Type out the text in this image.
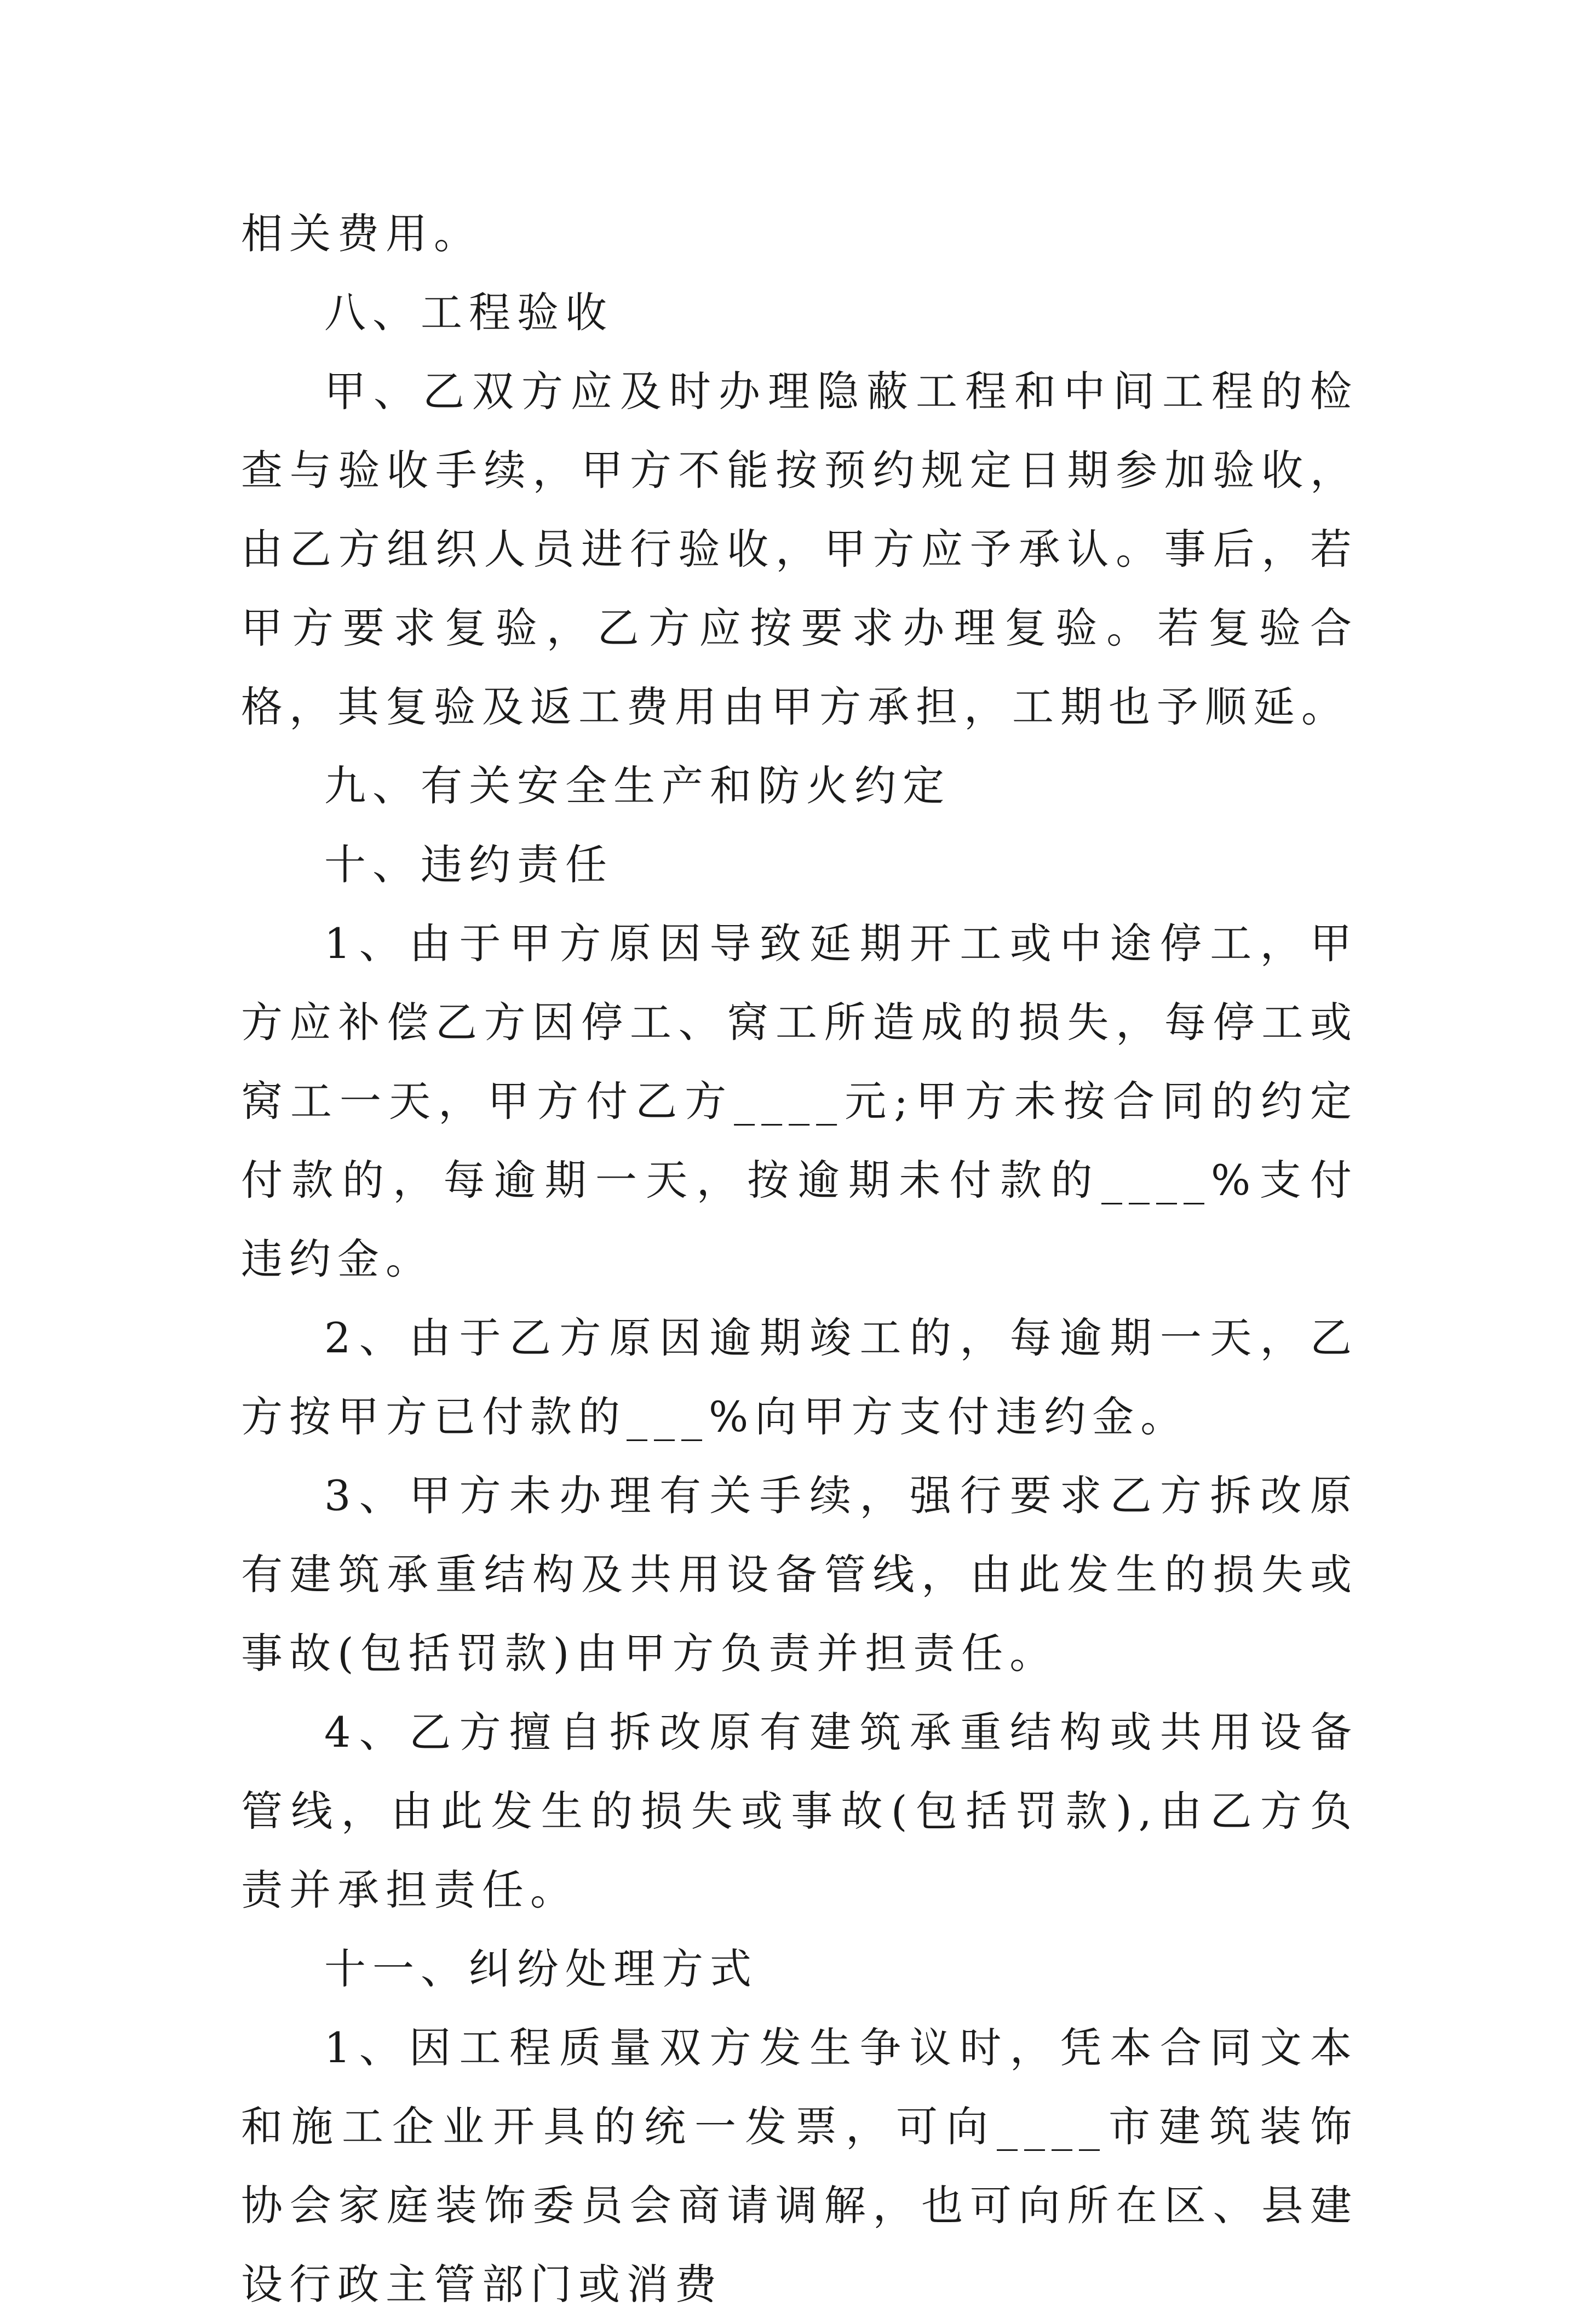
相关费用。

八、工程验收

甲、乙双方应及时办理隐蔽工程和中间工程的检查与验收手续，甲方不能按预约规定日期参加验收，由乙方组织人员进行验收，甲方应予承认。事后，若甲方要求复验，乙方应按要求办理复验。若复验合格，其复验及返工费用由甲方承担，工期也予顺延。

九、有关安全生产和防火约定

十、违约责任

1、由于甲方原因导致延期开工或中途停工，甲方应补偿乙方因停工、窝工所造成的损失，每停工或窝工一天，甲方付乙方____元;甲方未按合同的约定付款的，每逾期一天，按逾期未付款的____%支付违约金。

2、由于乙方原因逾期竣工的，每逾期一天，乙方按甲方已付款的___%向甲方支付违约金。

3、甲方未办理有关手续，强行要求乙方拆改原有建筑承重结构及共用设备管线，由此发生的损失或事故(包括罚款)由甲方负责并担责任。

4、乙方擅自拆改原有建筑承重结构或共用设备管线，由此发生的损失或事故(包括罚款),由乙方负责并承担责任。

十一、纠纷处理方式

1、因工程质量双方发生争议时，凭本合同文本和施工企业开具的统一发票，可向____市建筑装饰协会家庭装饰委员会商请调解，也可向所在区、县建设行政主管部门或消费
